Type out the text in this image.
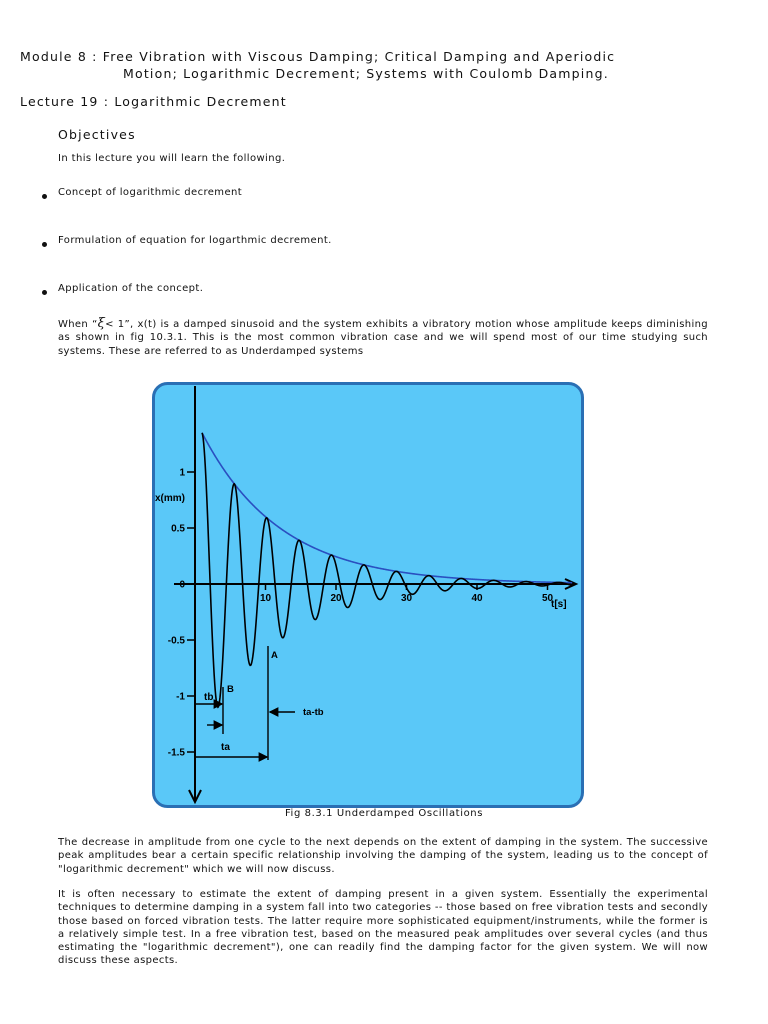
Module 8 : Free Vibration with Viscous Damping; Critical Damping and Aperiodic
Motion; Logarithmic Decrement; Systems with Coulomb Damping.
Lecture 19 : Logarithmic Decrement
Objectives
In this lecture you will learn the following.
Concept of logarithmic decrement
Formulation of equation for logarthmic decrement.
Application of the concept.

When “ξ< 1”, x(t) is a damped sinusoid and the system exhibits a vibratory motion whose amplitude keeps diminishing as shown in fig 10.3.1. This is the most common vibration case and we will spend most of our time studying such systems. These are referred to as Underdamped systems

1
0.5
0
-0.5
-1
-1.5
10	20	30	40	50
x(mm)
t[s]
A
B
tb
ta
ta-tb
Fig 8.3.1 Underdamped Oscillations

The decrease in amplitude from one cycle to the next depends on the extent of damping in the system. The successive peak amplitudes bear a certain specific relationship involving the damping of the system, leading us to the concept of "logarithmic decrement" which we will now discuss.

It is often necessary to estimate the extent of damping present in a given system. Essentially the experimental techniques to determine damping in a system fall into two categories -- those based on free vibration tests and secondly those based on forced vibration tests. The latter require more sophisticated equipment/instruments, while the former is a relatively simple test. In a free vibration test, based on the measured peak amplitudes over several cycles (and thus estimating the "logarithmic decrement"), one can readily find the damping factor for the given system. We will now discuss these aspects.
